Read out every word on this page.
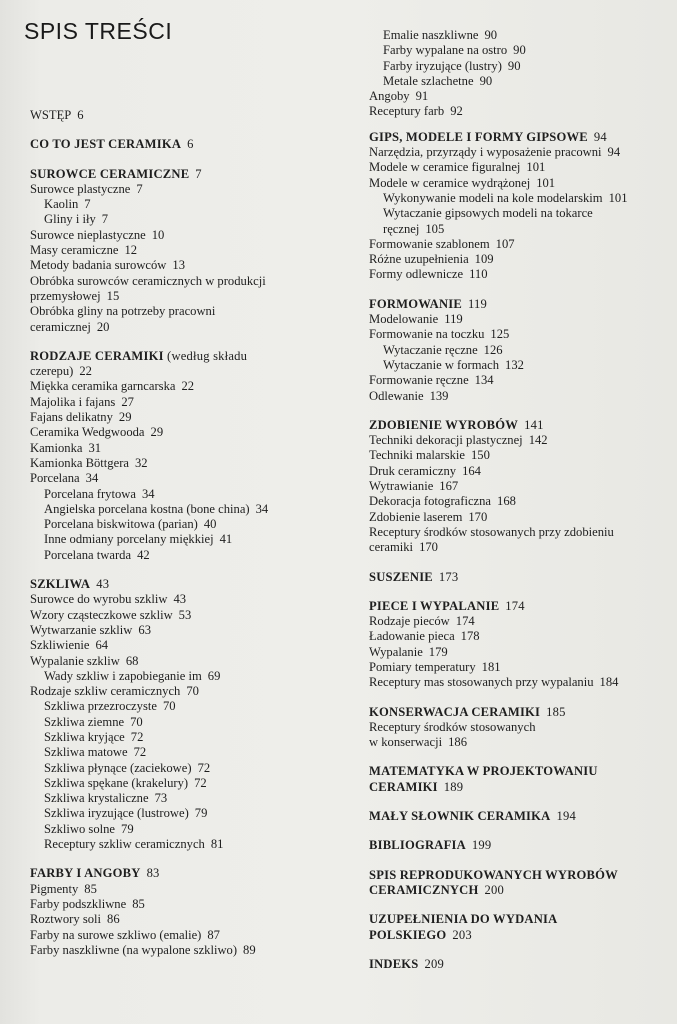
SPIS TREŚCI
WSTĘP 6
CO TO JEST CERAMIKA 6
SUROWCE CERAMICZNE 7
Surowce plastyczne 7
Kaolin 7
Gliny i iły 7
Surowce nieplastyczne 10
Masy ceramiczne 12
Metody badania surowców 13
Obróbka surowców ceramicznych w produkcji
przemysłowej 15
Obróbka gliny na potrzeby pracowni
ceramicznej 20
RODZAJE CERAMIKI (według składu
czerepu) 22
Miękka ceramika garncarska 22
Majolika i fajans 27
Fajans delikatny 29
Ceramika Wedgwooda 29
Kamionka 31
Kamionka Böttgera 32
Porcelana 34
Porcelana frytowa 34
Angielska porcelana kostna (bone china) 34
Porcelana biskwitowa (parian) 40
Inne odmiany porcelany miękkiej 41
Porcelana twarda 42
SZKLIWA 43
Surowce do wyrobu szkliw 43
Wzory cząsteczkowe szkliw 53
Wytwarzanie szkliw 63
Szkliwienie 64
Wypalanie szkliw 68
Wady szkliw i zapobieganie im 69
Rodzaje szkliw ceramicznych 70
Szkliwa przezroczyste 70
Szkliwa ziemne 70
Szkliwa kryjące 72
Szkliwa matowe 72
Szkliwa płynące (zaciekowe) 72
Szkliwa spękane (krakelury) 72
Szkliwa krystaliczne 73
Szkliwa iryzujące (lustrowe) 79
Szkliwo solne 79
Receptury szkliw ceramicznych 81
FARBY I ANGOBY 83
Pigmenty 85
Farby podszkliwne 85
Roztwory soli 86
Farby na surowe szkliwo (emalie) 87
Farby naszkliwne (na wypalone szkliwo) 89
Emalie naszkliwne 90
Farby wypalane na ostro 90
Farby iryzujące (lustry) 90
Metale szlachetne 90
Angoby 91
Receptury farb 92
GIPS, MODELE I FORMY GIPSOWE 94
Narzędzia, przyrządy i wyposażenie pracowni 94
Modele w ceramice figuralnej 101
Modele w ceramice wydrążonej 101
Wykonywanie modeli na kole modelarskim 101
Wytaczanie gipsowych modeli na tokarce
ręcznej 105
Formowanie szablonem 107
Różne uzupełnienia 109
Formy odlewnicze 110
FORMOWANIE 119
Modelowanie 119
Formowanie na toczku 125
Wytaczanie ręczne 126
Wytaczanie w formach 132
Formowanie ręczne 134
Odlewanie 139
ZDOBIENIE WYROBÓW 141
Techniki dekoracji plastycznej 142
Techniki malarskie 150
Druk ceramiczny 164
Wytrawianie 167
Dekoracja fotograficzna 168
Zdobienie laserem 170
Receptury środków stosowanych przy zdobieniu
ceramiki 170
SUSZENIE 173
PIECE I WYPALANIE 174
Rodzaje pieców 174
Ładowanie pieca 178
Wypalanie 179
Pomiary temperatury 181
Receptury mas stosowanych przy wypalaniu 184
KONSERWACJA CERAMIKI 185
Receptury środków stosowanych
w konserwacji 186
MATEMATYKA W PROJEKTOWANIU
CERAMIKI 189
MAŁY SŁOWNIK CERAMIKA 194
BIBLIOGRAFIA 199
SPIS REPRODUKOWANYCH WYROBÓW
CERAMICZNYCH 200
UZUPEŁNIENIA DO WYDANIA
POLSKIEGO 203
INDEKS 209
